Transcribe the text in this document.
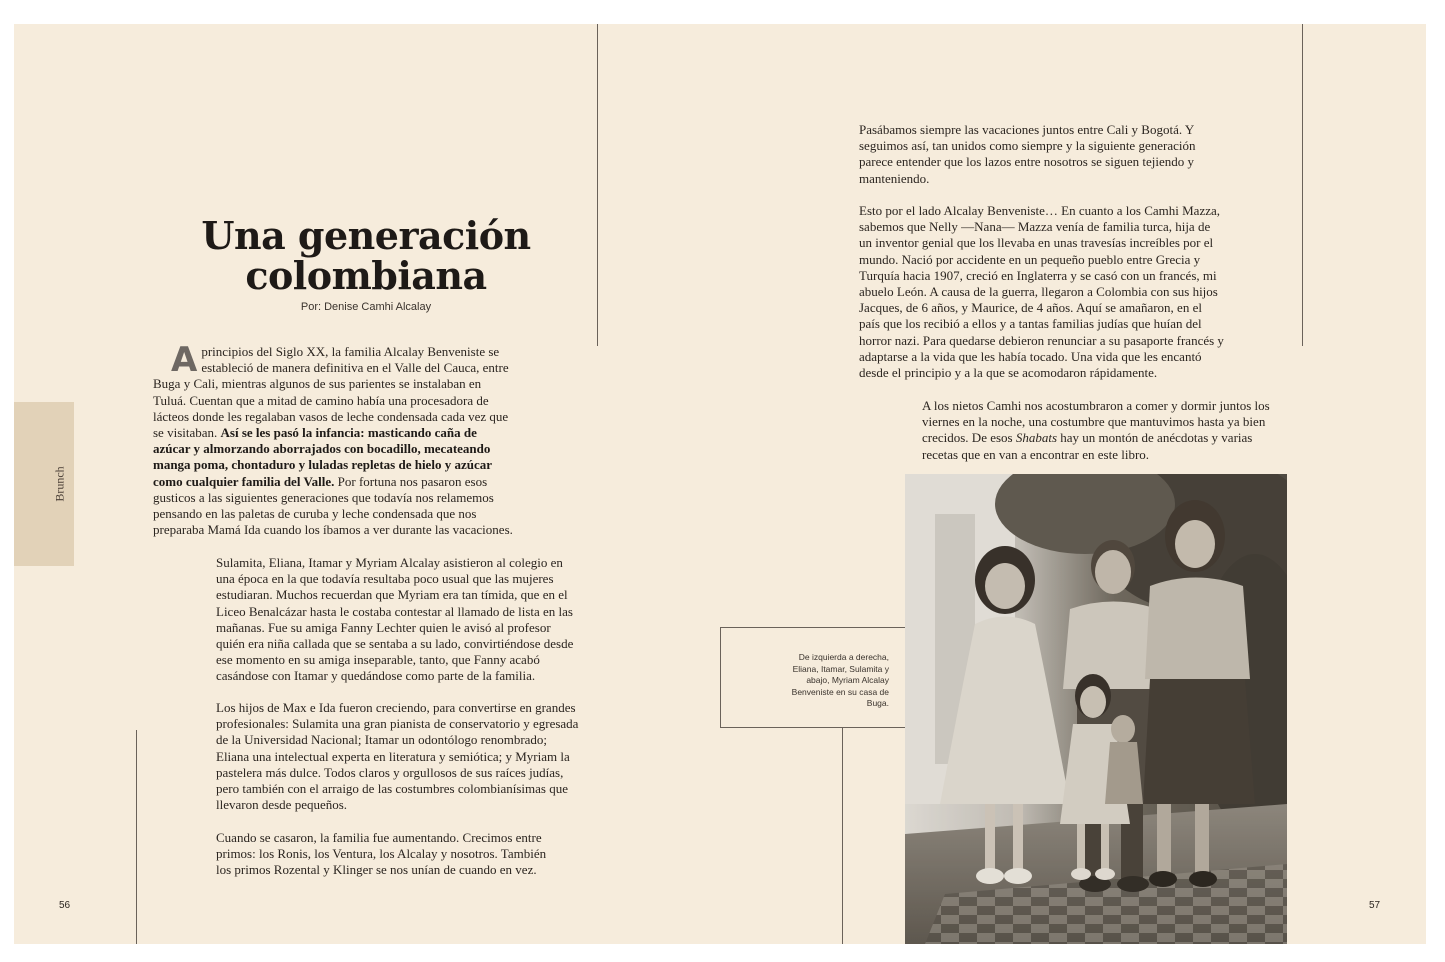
Brunch
Una generación
colombiana
Por: Denise Camhi Alcalay

A principios del Siglo XX, la familia Alcalay Benveniste se estableció de manera definitiva en el Valle del Cauca, entre Buga y Cali, mientras algunos de sus parientes se instalaban en Tuluá. Cuentan que a mitad de camino había una procesadora de lácteos donde les regalaban vasos de leche condensada cada vez que se visitaban. Así se les pasó la infancia: masticando caña de azúcar y almorzando aborrajados con bocadillo, mecateando manga poma, chontaduro y luladas repletas de hielo y azúcar como cualquier familia del Valle. Por fortuna nos pasaron esos gusticos a las siguientes generaciones que todavía nos relamemos pensando en las paletas de curuba y leche condensada que nos preparaba Mamá Ida cuando los íbamos a ver durante las vacaciones.

Sulamita, Eliana, Itamar y Myriam Alcalay asistieron al colegio en una época en la que todavía resultaba poco usual que las mujeres estudiaran. Muchos recuerdan que Myriam era tan tímida, que en el Liceo Benalcázar hasta le costaba contestar al llamado de lista en las mañanas. Fue su amiga Fanny Lechter quien le avisó al profesor quién era niña callada que se sentaba a su lado, convirtiéndose desde ese momento en su amiga inseparable, tanto, que Fanny acabó casándose con Itamar y quedándose como parte de la familia.

Los hijos de Max e Ida fueron creciendo, para convertirse en grandes profesionales: Sulamita una gran pianista de conservatorio y egresada de la Universidad Nacional; Itamar un odontólogo renombrado; Eliana una intelectual experta en literatura y semiótica; y Myriam la pastelera más dulce. Todos claros y orgullosos de sus raíces judías, pero también con el arraigo de las costumbres colombianísimas que llevaron desde pequeños.

Cuando se casaron, la familia fue aumentando. Crecimos entre primos: los Ronis, los Ventura, los Alcalay y nosotros. También los primos Rozental y Klinger se nos unían de cuando en vez.

Pasábamos siempre las vacaciones juntos entre Cali y Bogotá. Y seguimos así, tan unidos como siempre y la siguiente generación parece entender que los lazos entre nosotros se siguen tejiendo y manteniendo.

Esto por el lado Alcalay Benveniste… En cuanto a los Camhi Mazza, sabemos que Nelly —Nana— Mazza venía de familia turca, hija de un inventor genial que los llevaba en unas travesías increíbles por el mundo. Nació por accidente en un pequeño pueblo entre Grecia y Turquía hacia 1907, creció en Inglaterra y se casó con un francés, mi abuelo León. A causa de la guerra, llegaron a Colombia con sus hijos Jacques, de 6 años, y Maurice, de 4 años. Aquí se amañaron, en el país que los recibió a ellos y a tantas familias judías que huían del horror nazi. Para quedarse debieron renunciar a su pasaporte francés y adaptarse a la vida que les había tocado. Una vida que les encantó desde el principio y a la que se acomodaron rápidamente.

A los nietos Camhi nos acostumbraron a comer y dormir juntos los viernes en la noche, una costumbre que mantuvimos hasta ya bien crecidos. De esos Shabats hay un montón de anécdotas y varias recetas que en van a encontrar en este libro.

De izquierda a derecha, Eliana, Itamar, Sulamita y abajo, Myriam Alcalay Benveniste en su casa de Buga.
56	57
